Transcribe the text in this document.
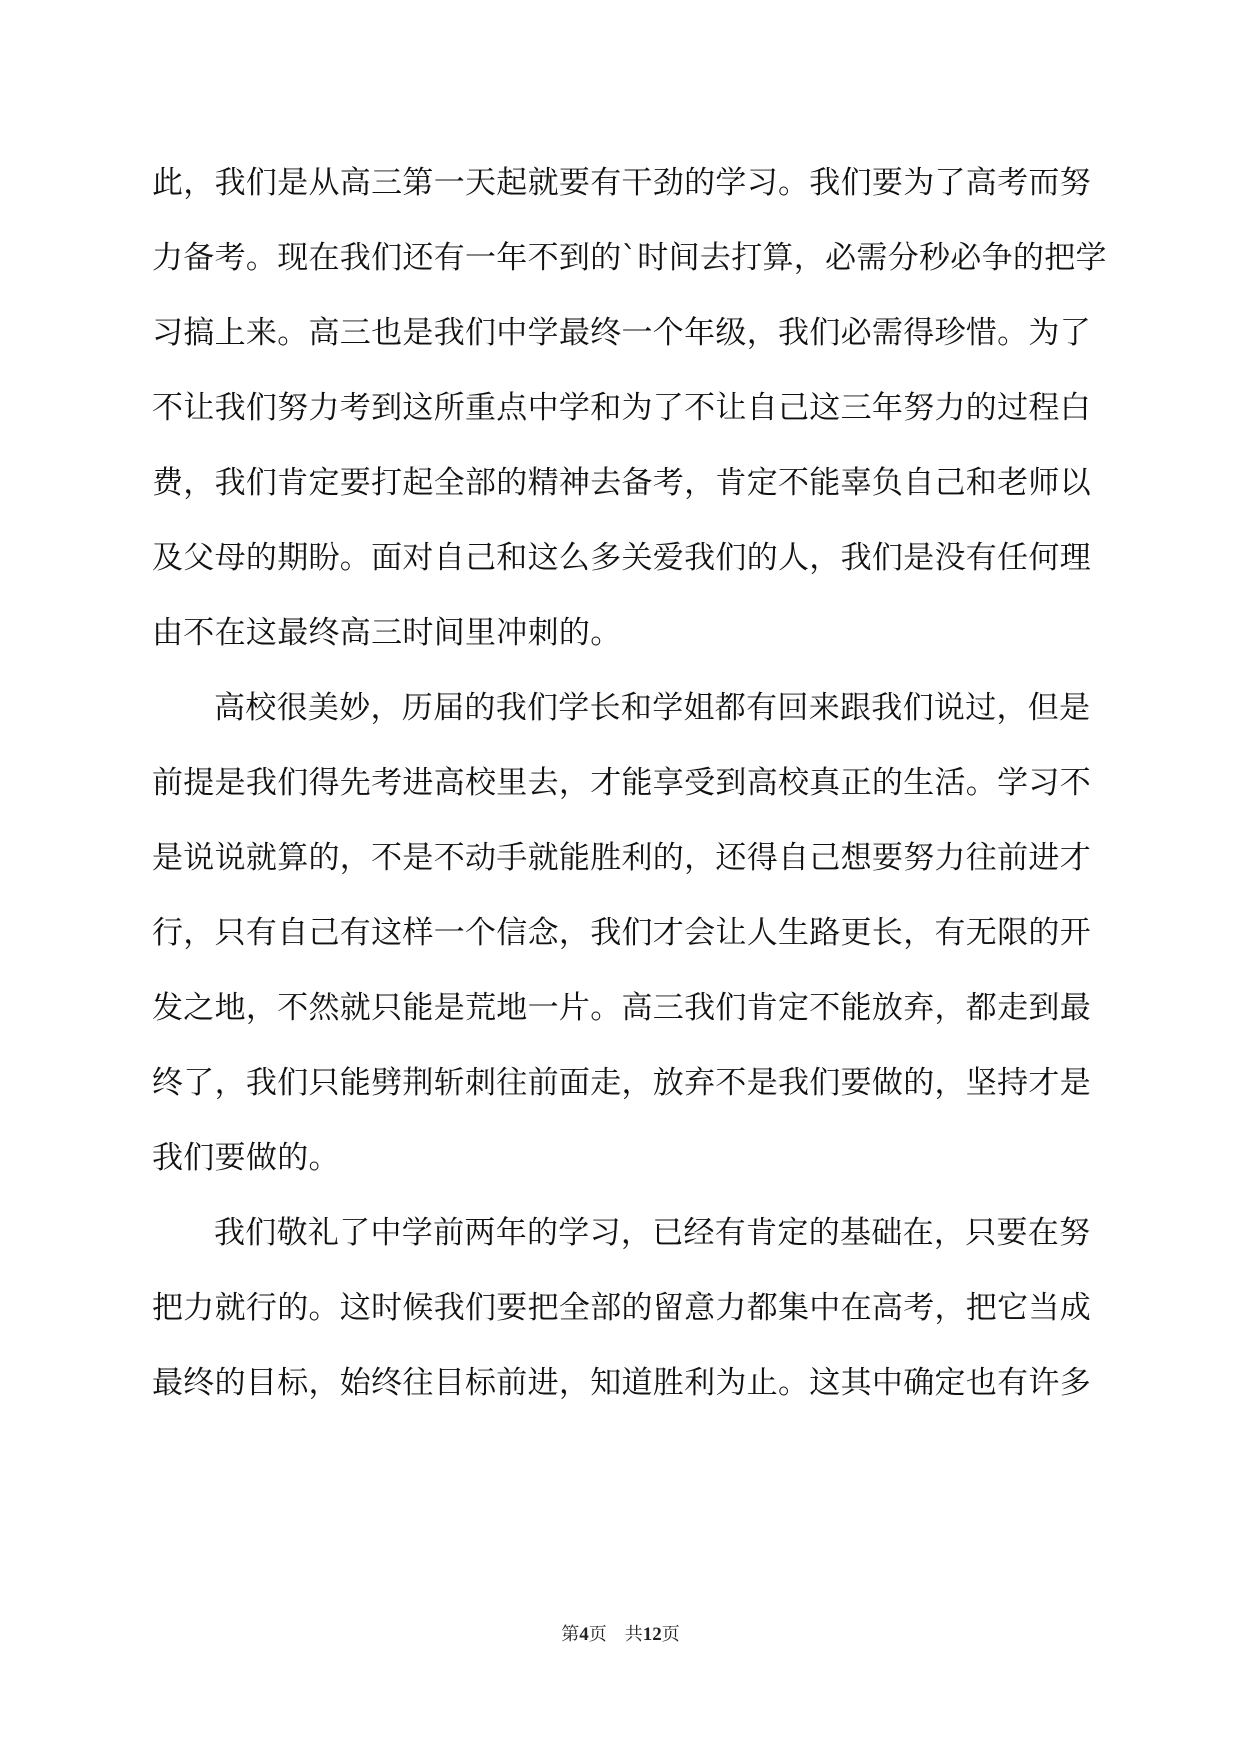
此，我们是从高三第一天起就要有干劲的学习。我们要为了高考而努
力备考。现在我们还有一年不到的`时间去打算，必需分秒必争的把学
习搞上来。高三也是我们中学最终一个年级，我们必需得珍惜。为了
不让我们努力考到这所重点中学和为了不让自己这三年努力的过程白
费，我们肯定要打起全部的精神去备考，肯定不能辜负自己和老师以
及父母的期盼。面对自己和这么多关爱我们的人，我们是没有任何理
由不在这最终高三时间里冲刺的。
高校很美妙，历届的我们学长和学姐都有回来跟我们说过，但是
前提是我们得先考进高校里去，才能享受到高校真正的生活。学习不
是说说就算的，不是不动手就能胜利的，还得自己想要努力往前进才
行，只有自己有这样一个信念，我们才会让人生路更长，有无限的开
发之地，不然就只能是荒地一片。高三我们肯定不能放弃，都走到最
终了，我们只能劈荆斩刺往前面走，放弃不是我们要做的，坚持才是
我们要做的。
我们敬礼了中学前两年的学习，已经有肯定的基础在，只要在努
把力就行的。这时候我们要把全部的留意力都集中在高考，把它当成
最终的目标，始终往目标前进，知道胜利为止。这其中确定也有许多
第4页 共12页
